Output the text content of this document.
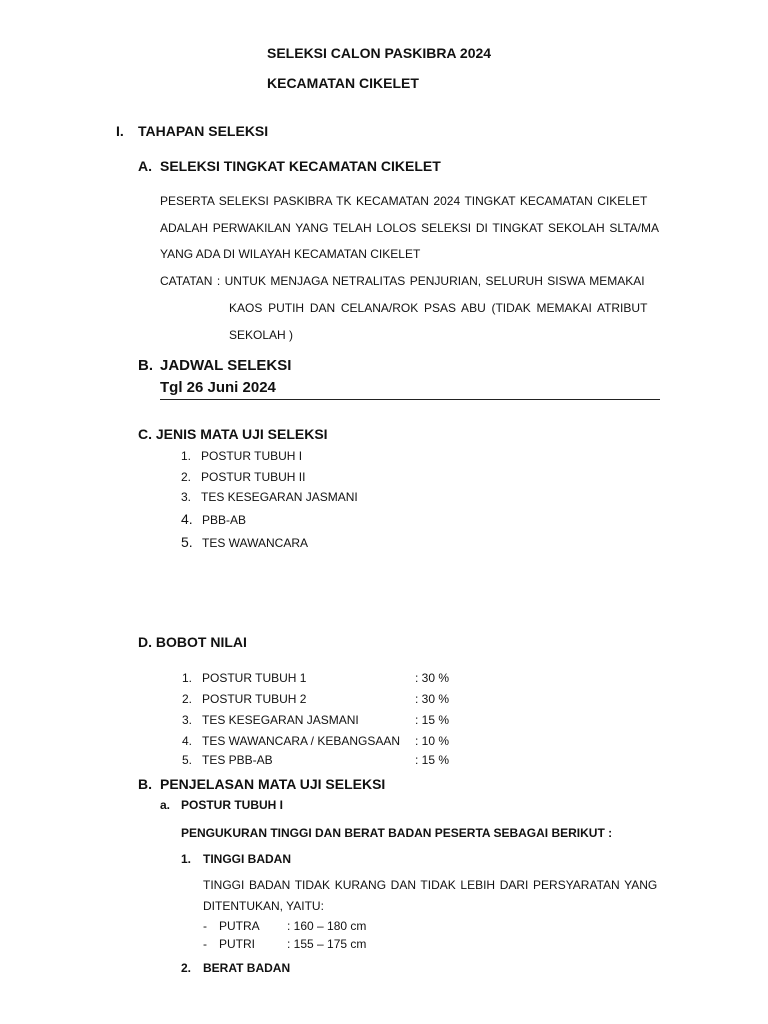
SELEKSI CALON PASKIBRA 2024
KECAMATAN CIKELET
I. TAHAPAN SELEKSI
A. SELEKSI TINGKAT KECAMATAN CIKELET
PESERTA SELEKSI PASKIBRA TK KECAMATAN 2024 TINGKAT KECAMATAN CIKELET
ADALAH PERWAKILAN YANG TELAH LOLOS SELEKSI DI TINGKAT SEKOLAH SLTA/MA
YANG ADA DI WILAYAH KECAMATAN CIKELET
CATATAN : UNTUK MENJAGA NETRALITAS PENJURIAN, SELURUH SISWA MEMAKAI
KAOS PUTIH DAN CELANA/ROK PSAS ABU (TIDAK MEMAKAI ATRIBUT
SEKOLAH )
B. JADWAL SELEKSI
Tgl 26 Juni 2024
C. JENIS MATA UJI SELEKSI
1. POSTUR TUBUH I
2. POSTUR TUBUH II
3. TES KESEGARAN JASMANI
4. PBB-AB
5. TES WAWANCARA
D. BOBOT NILAI
1. POSTUR TUBUH 1	: 30 %
2. POSTUR TUBUH 2	: 30 %
3. TES KESEGARAN JASMANI	: 15 %
4. TES WAWANCARA / KEBANGSAAN : 10 %
5. TES PBB-AB	: 15 %
B. PENJELASAN MATA UJI SELEKSI
a. POSTUR TUBUH I
PENGUKURAN TINGGI DAN BERAT BADAN PESERTA SEBAGAI BERIKUT :
1. TINGGI BADAN
TINGGI BADAN TIDAK KURANG DAN TIDAK LEBIH DARI PERSYARATAN YANG
DITENTUKAN, YAITU:
- PUTRA : 160 – 180 cm
- PUTRI	: 155 – 175 cm
2. BERAT BADAN
